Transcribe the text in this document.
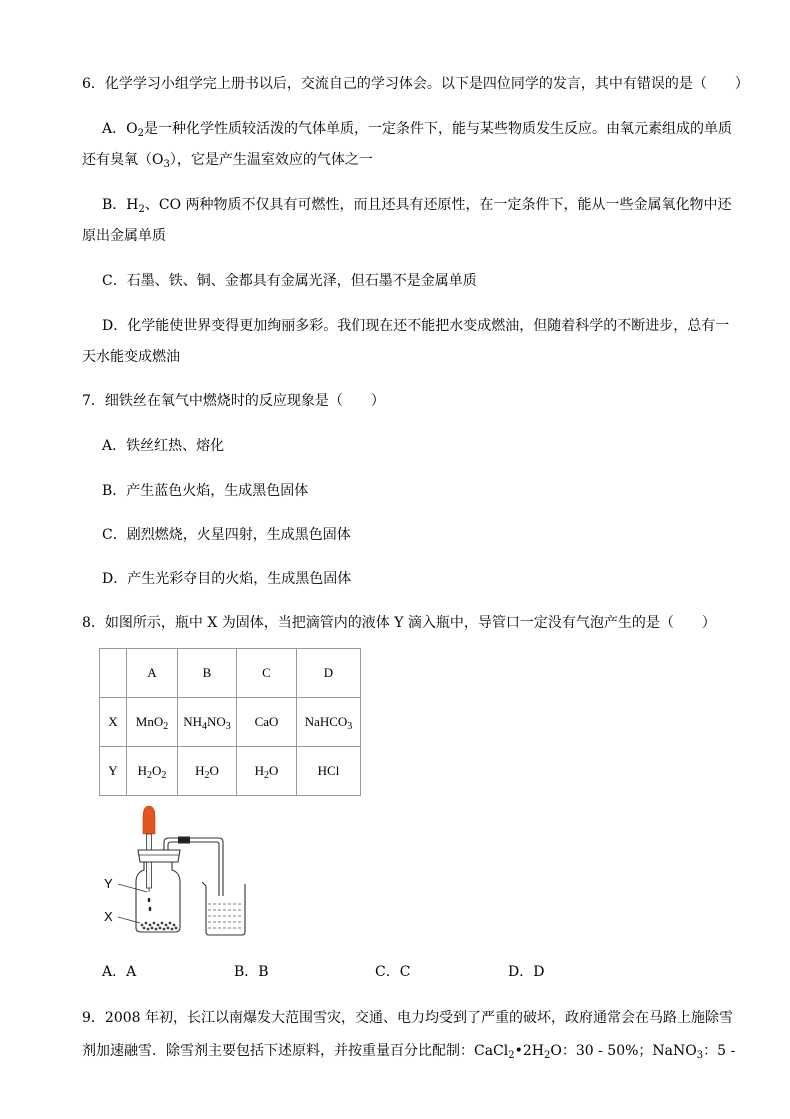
6．化学学习小组学完上册书以后，交流自己的学习体会。以下是四位同学的发言，其中有错误的是（　　）
A．$O_2$是一种化学性质较活泼的气体单质，一定条件下，能与某些物质发生反应。由氧元素组成的单质
还有臭氧$(O_3)$，它是产生温室效应的气体之一
B．$H_2$、CO 两种物质不仅具有可燃性，而且还具有还原性，在一定条件下，能从一些金属氧化物中还
原出金属单质
C．石墨、铁、铜、金都具有金属光泽，但石墨不是金属单质
D．化学能使世界变得更加绚丽多彩。我们现在还不能把水变成燃油，但随着科学的不断进步，总有一
天水能变成燃油
7．细铁丝在氧气中燃烧时的反应现象是（　　）
A．铁丝红热、熔化
B．产生蓝色火焰，生成黑色固体
C．剧烈燃烧，火星四射，生成黑色固体
D．产生光彩夺目的火焰，生成黑色固体
8．如图所示，瓶中 X 为固体，当把滴管内的液体 Y 滴入瓶中，导管口一定没有气泡产生的是（　　）
	A	B	C	D
X	MnO$_2$	$NH_4NO_3$	CaO	NaHCO$_3$
Y	$H_2O_2$	$H_2O$	$H_2O$	HCl
Y
X
A．A	B．B	C．C	D．D
9．2008 年初，长江以南爆发大范围雪灾，交通、电力均受到了严重的破坏，政府通常会在马路上施除雪
剂加速融雪．除雪剂主要包括下述原料，并按重量百分比配制：$CaCl_2•2H_2O$：30 - 50%；NaNO$_3$：5 -
